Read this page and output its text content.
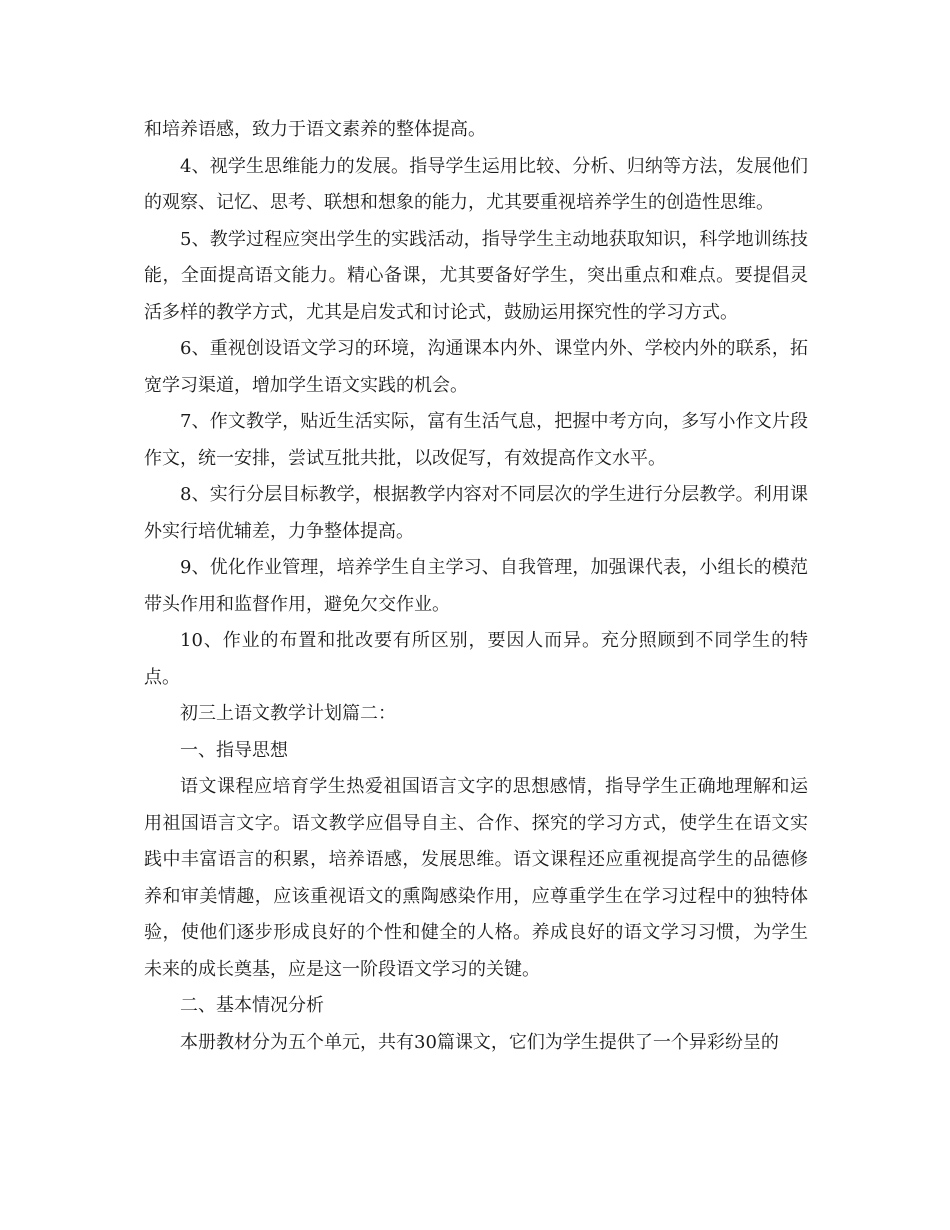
和培养语感，致力于语文素养的整体提高。

4、视学生思维能力的发展。指导学生运用比较、分析、归纳等方法，发展他们的观察、记忆、思考、联想和想象的能力，尤其要重视培养学生的创造性思维。

5、教学过程应突出学生的实践活动，指导学生主动地获取知识，科学地训练技能，全面提高语文能力。精心备课，尤其要备好学生，突出重点和难点。要提倡灵活多样的教学方式，尤其是启发式和讨论式，鼓励运用探究性的学习方式。

6、重视创设语文学习的环境，沟通课本内外、课堂内外、学校内外的联系，拓宽学习渠道，增加学生语文实践的机会。

7、作文教学，贴近生活实际，富有生活气息，把握中考方向，多写小作文片段作文，统一安排，尝试互批共批，以改促写，有效提高作文水平。

8、实行分层目标教学，根据教学内容对不同层次的学生进行分层教学。利用课外实行培优辅差，力争整体提高。

9、优化作业管理，培养学生自主学习、自我管理，加强课代表，小组长的模范带头作用和监督作用，避免欠交作业。

10、作业的布置和批改要有所区别，要因人而异。充分照顾到不同学生的特点。

初三上语文教学计划篇二：

一、指导思想

语文课程应培育学生热爱祖国语言文字的思想感情，指导学生正确地理解和运用祖国语言文字。语文教学应倡导自主、合作、探究的学习方式，使学生在语文实践中丰富语言的积累，培养语感，发展思维。语文课程还应重视提高学生的品德修养和审美情趣，应该重视语文的熏陶感染作用，应尊重学生在学习过程中的独特体验，使他们逐步形成良好的个性和健全的人格。养成良好的语文学习习惯，为学生未来的成长奠基，应是这一阶段语文学习的关键。

二、基本情况分析

本册教材分为五个单元，共有30篇课文，它们为学生提供了一个异彩纷呈的
